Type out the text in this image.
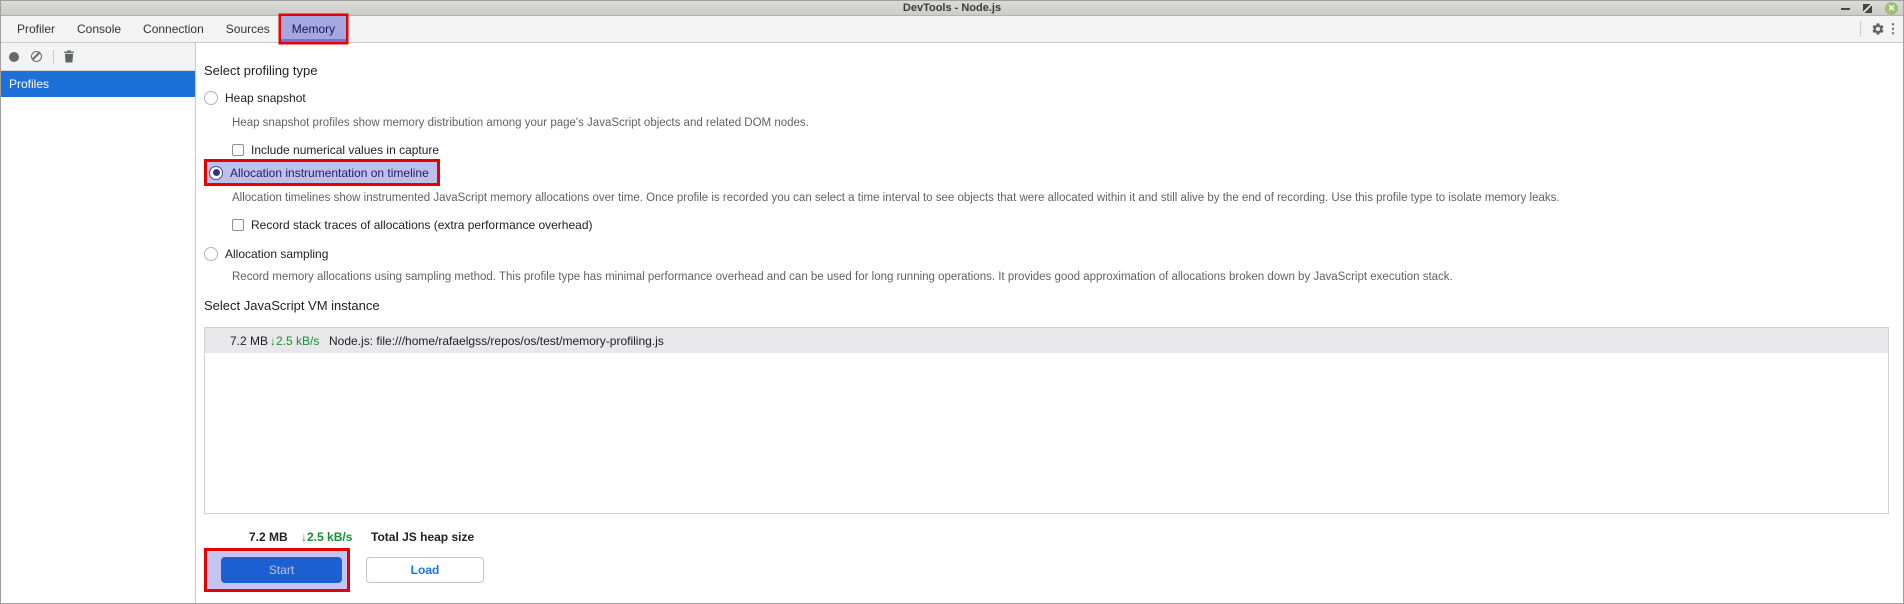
DevTools - Node.js	✕
Profiler	Console	Connection	Sources	Memory	⋮
Profiles
Select profiling type
Heap snapshot
Heap snapshot profiles show memory distribution among your page's JavaScript objects and related DOM nodes.
Include numerical values in capture
Allocation instrumentation on timeline
Allocation timelines show instrumented JavaScript memory allocations over time. Once profile is recorded you can select a time interval to see objects that were allocated within it and still alive by the end of recording. Use this profile type to isolate memory leaks.
Record stack traces of allocations (extra performance overhead)
Allocation sampling
Record memory allocations using sampling method. This profile type has minimal performance overhead and can be used for long running operations. It provides good approximation of allocations broken down by JavaScript execution stack.
Select JavaScript VM instance
7.2 MB ↓2.5 kB/s Node.js: file:///home/rafaelgss/repos/os/test/memory-profiling.js
7.2 MB	↓2.5 kB/s	Total JS heap size
Start	Load
